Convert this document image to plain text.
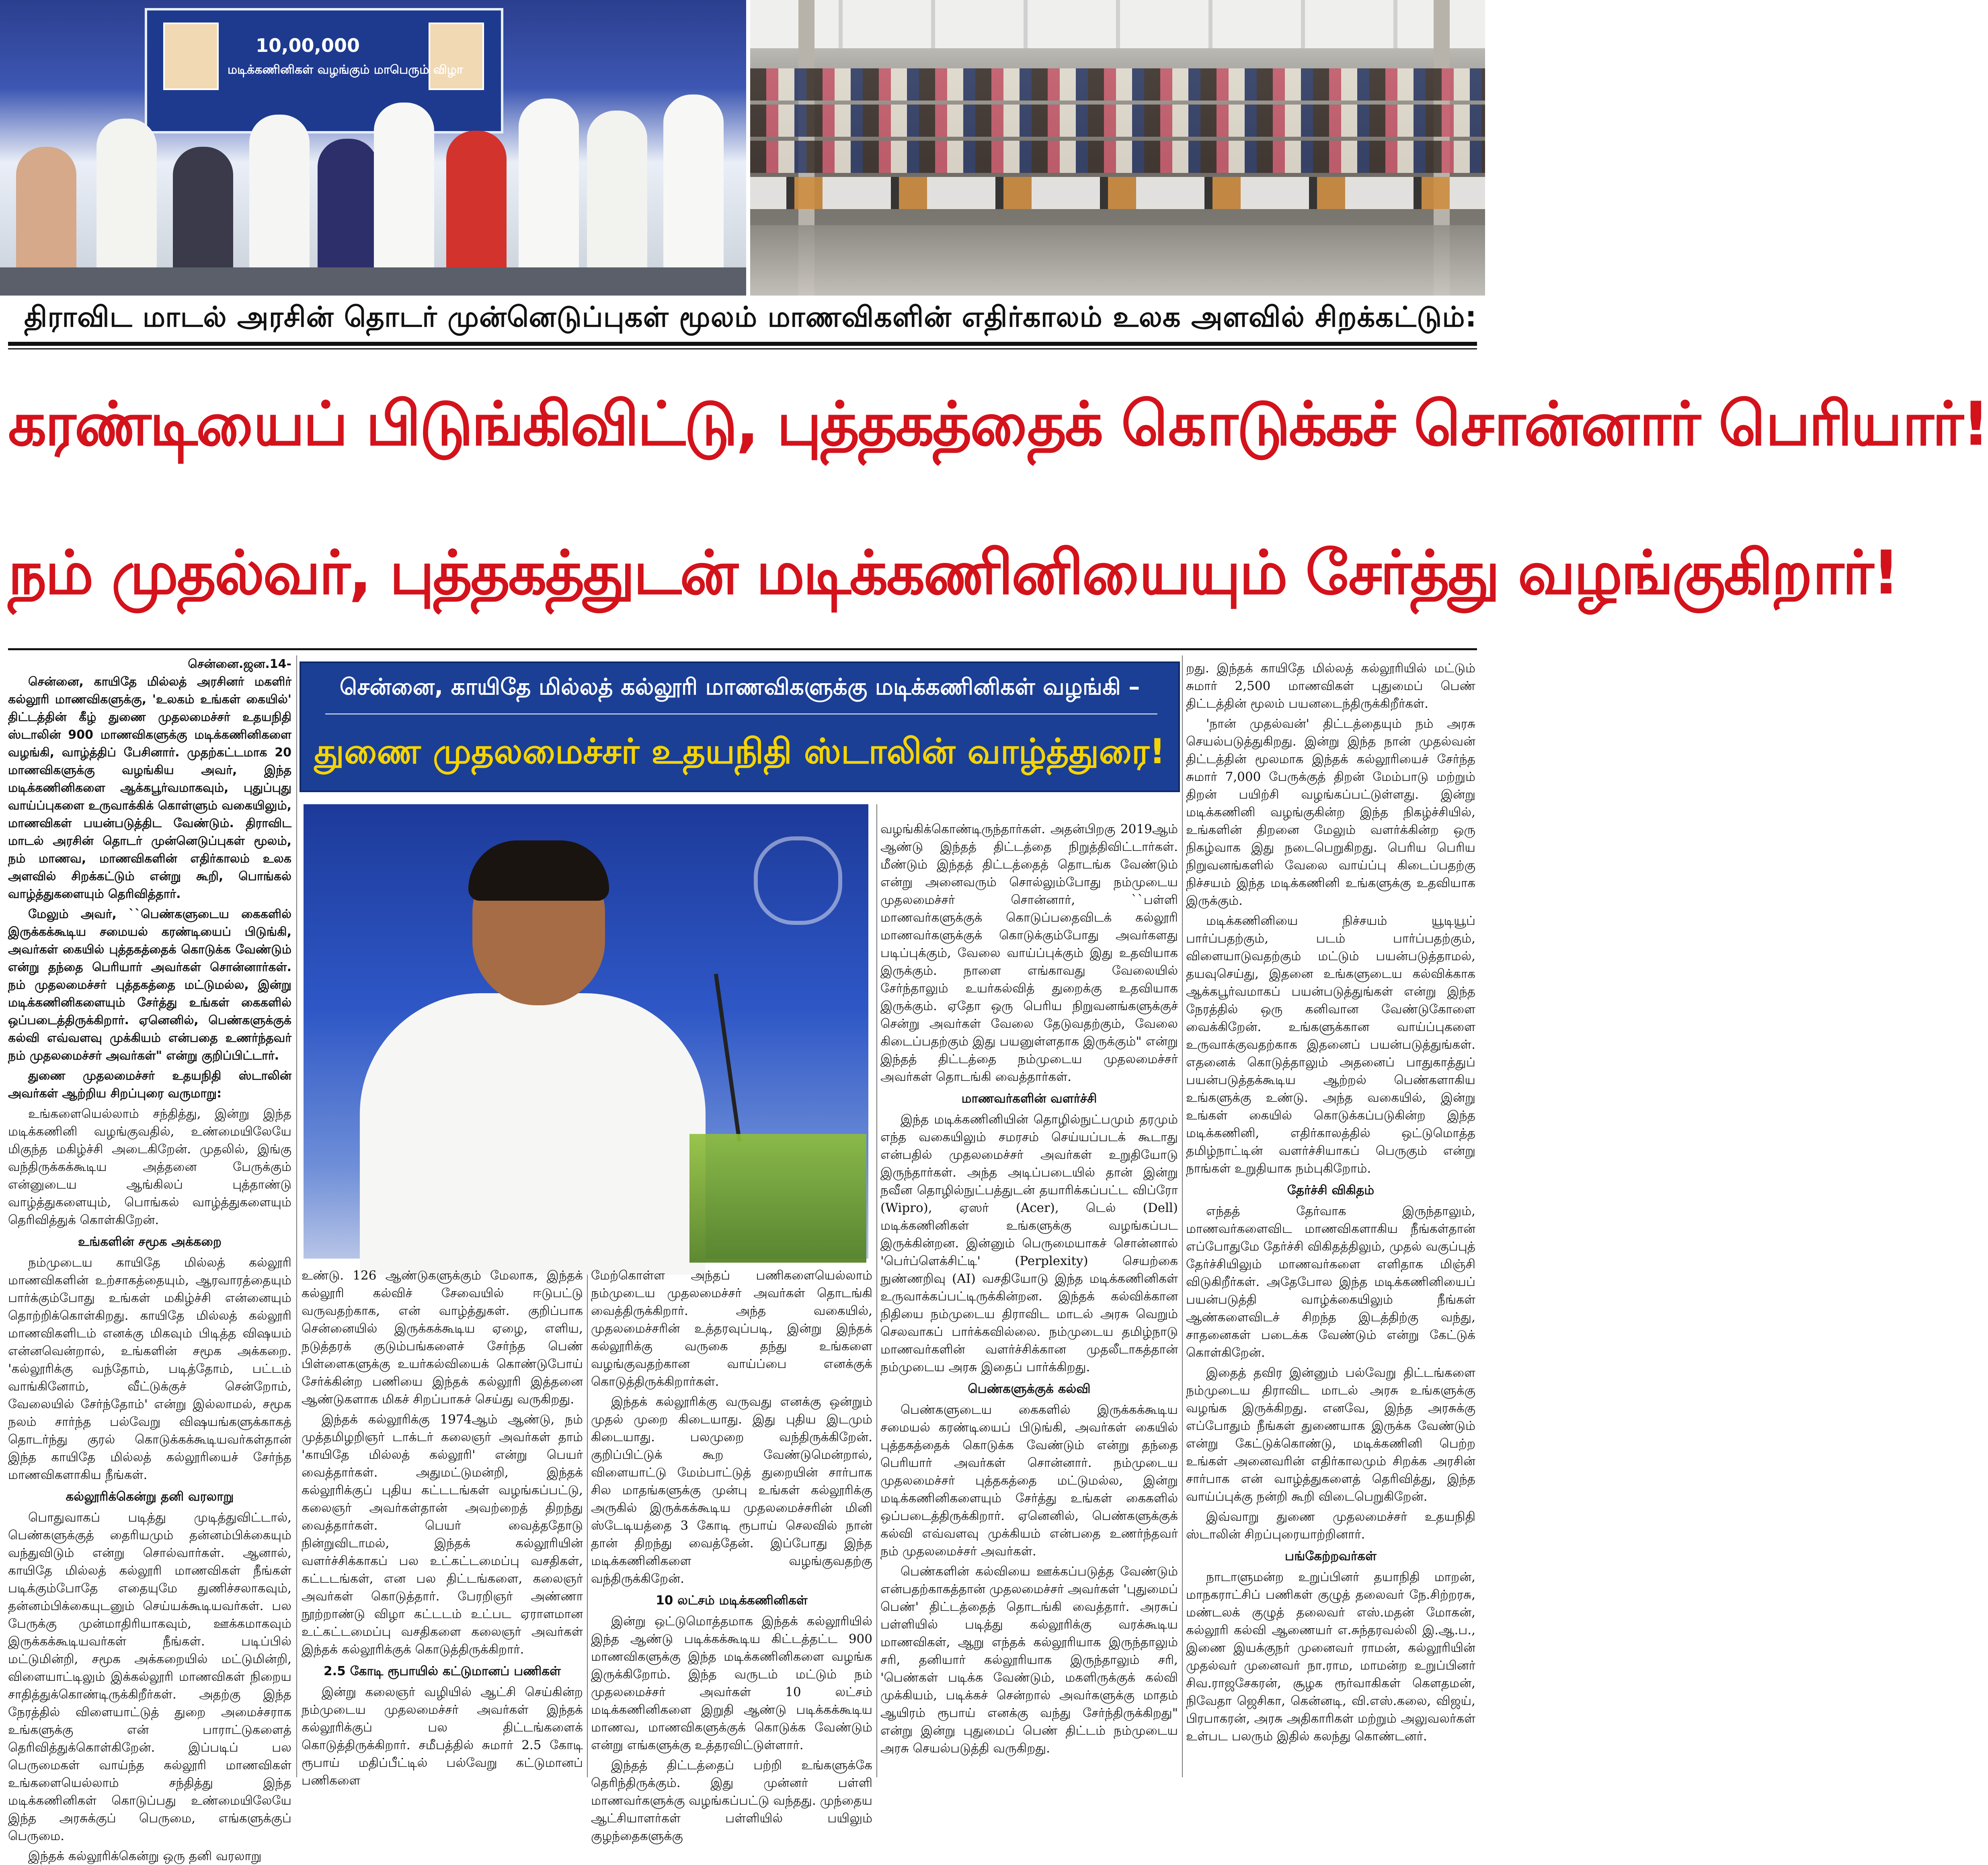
10,00,000
மடிக்கணினிகள் வழங்கும் மாபெரும் விழா
திராவிட மாடல் அரசின் தொடர் முன்னெடுப்புகள் மூலம் மாணவிகளின் எதிர்காலம் உலக அளவில் சிறக்கட்டும்:
கரண்டியைப் பிடுங்கிவிட்டு, புத்தகத்தைக் கொடுக்கச் சொன்னார் பெரியார்!
நம் முதல்வர், புத்தகத்துடன் மடிக்கணினியையும் சேர்த்து வழங்குகிறார்!
சென்னை, காயிதே மில்லத் கல்லூரி மாணவிகளுக்கு மடிக்கணினிகள் வழங்கி –
துணை முதலமைச்சர் உதயநிதி ஸ்டாலின் வாழ்த்துரை!
சென்னை.ஜன.14-

சென்னை, காயிதே மில்லத் அரசினர் மகளிர் கல்லூரி மாணவிகளுக்கு, 'உலகம் உங்கள் கையில்' திட்டத்தின் கீழ் துணை முதலமைச்சர் உதயநிதி ஸ்டாலின் 900 மாணவிகளுக்கு மடிக்கணினிகளை வழங்கி, வாழ்த்திப் பேசினார். முதற்கட்டமாக 20 மாணவிகளுக்கு வழங்கிய அவர், இந்த மடிக்கணினிகளை ஆக்கபூர்வமாகவும், புதுப்புது வாய்ப்புகளை உருவாக்கிக் கொள்ளும் வகையிலும், மாணவிகள் பயன்படுத்திட வேண்டும். திராவிட மாடல் அரசின் தொடர் முன்னெடுப்புகள் மூலம், நம் மாணவ, மாணவிகளின் எதிர்காலம் உலக அளவில் சிறக்கட்டும் என்று கூறி, பொங்கல் வாழ்த்துகளையும் தெரிவித்தார்.

மேலும் அவர், ``பெண்களுடைய கைகளில் இருக்கக்கூடிய சமையல் கரண்டியைப் பிடுங்கி, அவர்கள் கையில் புத்தகத்தைக் கொடுக்க வேண்டும் என்று தந்தை பெரியார் அவர்கள் சொன்னார்கள். நம் முதலமைச்சர் புத்தகத்தை மட்டுமல்ல, இன்று மடிக்கணினிகளையும் சேர்த்து உங்கள் கைகளில் ஒப்படைத்திருக்கிறார். ஏனெனில், பெண்களுக்குக் கல்வி எவ்வளவு முக்கியம் என்பதை உணர்ந்தவர் நம் முதலமைச்சர் அவர்கள்" என்று குறிப்பிட்டார்.

துணை முதலமைச்சர் உதயநிதி ஸ்டாலின் அவர்கள் ஆற்றிய சிறப்புரை வருமாறு:

உங்களையெல்லாம் சந்தித்து, இன்று இந்த மடிக்கணினி வழங்குவதில், உண்மையிலேயே மிகுந்த மகிழ்ச்சி அடைகிறேன். முதலில், இங்கு வந்திருக்கக்கூடிய அத்தனை பேருக்கும் என்னுடைய ஆங்கிலப் புத்தாண்டு வாழ்த்துகளையும், பொங்கல் வாழ்த்துகளையும் தெரிவித்துக் கொள்கிறேன்.

உங்களின் சமூக அக்கறை

நம்முடைய காயிதே மில்லத் கல்லூரி மாணவிகளின் உற்சாகத்தையும், ஆரவாரத்தையும் பார்க்கும்போது உங்கள் மகிழ்ச்சி என்னையும் தொற்றிக்கொள்கிறது. காயிதே மில்லத் கல்லூரி மாணவிகளிடம் எனக்கு மிகவும் பிடித்த விஷயம் என்னவென்றால், உங்களின் சமூக அக்கறை. 'கல்லூரிக்கு வந்தோம், படித்தோம், பட்டம் வாங்கினோம், வீட்டுக்குச் சென்றோம், வேலையில் சேர்ந்தோம்' என்று இல்லாமல், சமூக நலம் சார்ந்த பல்வேறு விஷயங்களுக்காகத் தொடர்ந்து குரல் கொடுக்கக்கூடியவர்கள்தான் இந்த காயிதே மில்லத் கல்லூரியைச் சேர்ந்த மாணவிகளாகிய நீங்கள்.

கல்லூரிக்கென்று தனி வரலாறு

பொதுவாகப் படித்து முடித்துவிட்டால், பெண்களுக்குத் தைரியமும் தன்னம்பிக்கையும் வந்துவிடும் என்று சொல்வார்கள். ஆனால், காயிதே மில்லத் கல்லூரி மாணவிகள் நீங்கள் படிக்கும்போதே எதையுமே துணிச்சலாகவும், தன்னம்பிக்கையுடனும் செய்யக்கூடியவர்கள். பல பேருக்கு முன்மாதிரியாகவும், ஊக்கமாகவும் இருக்கக்கூடியவர்கள் நீங்கள். படிப்பில் மட்டுமின்றி, சமூக அக்கறையில் மட்டுமின்றி, விளையாட்டிலும் இக்கல்லூரி மாணவிகள் நிறைய சாதித்துக்கொண்டிருக்கிறீர்கள். அதற்கு இந்த நேரத்தில் விளையாட்டுத் துறை அமைச்சராக உங்களுக்கு என் பாராட்டுகளைத் தெரிவித்துக்கொள்கிறேன். இப்படிப் பல பெருமைகள் வாய்ந்த கல்லூரி மாணவிகள் உங்களையெல்லாம் சந்தித்து இந்த மடிக்கணினிகள் கொடுப்பது உண்மையிலேயே இந்த அரசுக்குப் பெருமை, எங்களுக்குப் பெருமை.

இந்தக் கல்லூரிக்கென்று ஒரு தனி வரலாறு

உண்டு. 126 ஆண்டுகளுக்கும் மேலாக, இந்தக் கல்லூரி கல்விச் சேவையில் ஈடுபட்டு வருவதற்காக, என் வாழ்த்துகள். குறிப்பாக சென்னையில் இருக்கக்கூடிய ஏழை, எளிய, நடுத்தரக் குடும்பங்களைச் சேர்ந்த பெண் பிள்ளைகளுக்கு உயர்கல்வியைக் கொண்டுபோய் சேர்க்கின்ற பணியை இந்தக் கல்லூரி இத்தனை ஆண்டுகளாக மிகச் சிறப்பாகச் செய்து வருகிறது.

இந்தக் கல்லூரிக்கு 1974ஆம் ஆண்டு, நம் முத்தமிழறிஞர் டாக்டர் கலைஞர் அவர்கள் தாம் 'காயிதே மில்லத் கல்லூரி' என்று பெயர் வைத்தார்கள். அதுமட்டுமன்றி, இந்தக் கல்லூரிக்குப் புதிய கட்டடங்கள் வழங்கப்பட்டு, கலைஞர் அவர்கள்தான் அவற்றைத் திறந்து வைத்தார்கள். பெயர் வைத்ததோடு நின்றுவிடாமல், இந்தக் கல்லூரியின் வளர்ச்சிக்காகப் பல உட்கட்டமைப்பு வசதிகள், கட்டடங்கள், என பல திட்டங்களை, கலைஞர் அவர்கள் கொடுத்தார். பேரறிஞர் அண்ணா நூற்றாண்டு விழா கட்டடம் உட்பட ஏராளமான உட்கட்டமைப்பு வசதிகளை கலைஞர் அவர்கள் இந்தக் கல்லூரிக்குக் கொடுத்திருக்கிறார்.

2.5 கோடி ரூபாயில் கட்டுமானப் பணிகள்

இன்று கலைஞர் வழியில் ஆட்சி செய்கின்ற நம்முடைய முதலமைச்சர் அவர்கள் இந்தக் கல்லூரிக்குப் பல திட்டங்களைக் கொடுத்திருக்கிறார். சமீபத்தில் சுமார் 2.5 கோடி ரூபாய் மதிப்பீட்டில் பல்வேறு கட்டுமானப் பணிகளை

மேற்கொள்ள அந்தப் பணிகளையெல்லாம் நம்முடைய முதலமைச்சர் அவர்கள் தொடங்கி வைத்திருக்கிறார். அந்த வகையில், முதலமைச்சரின் உத்தரவுப்படி, இன்று இந்தக் கல்லூரிக்கு வருகை தந்து உங்களை வழங்குவதற்கான வாய்ப்பை எனக்குக் கொடுத்திருக்கிறார்கள்.

இந்தக் கல்லூரிக்கு வருவது எனக்கு ஒன்றும் முதல் முறை கிடையாது. இது புதிய இடமும் கிடையாது. பலமுறை வந்திருக்கிறேன். குறிப்பிட்டுக் கூற வேண்டுமென்றால், விளையாட்டு மேம்பாட்டுத் துறையின் சார்பாக சில மாதங்களுக்கு முன்பு உங்கள் கல்லூரிக்கு அருகில் இருக்கக்கூடிய முதலமைச்சரின் மினி ஸ்டேடியத்தை 3 கோடி ரூபாய் செலவில் நான் தான் திறந்து வைத்தேன். இப்போது இந்த மடிக்கணினிகளை வழங்குவதற்கு வந்திருக்கிறேன்.

10 லட்சம் மடிக்கணினிகள்

இன்று ஒட்டுமொத்தமாக இந்தக் கல்லூரியில் இந்த ஆண்டு படிக்கக்கூடிய கிட்டத்தட்ட 900 மாணவிகளுக்கு இந்த மடிக்கணினிகளை வழங்க இருக்கிறோம். இந்த வருடம் மட்டும் நம் முதலமைச்சர் அவர்கள் 10 லட்சம் மடிக்கணினிகளை இறுதி ஆண்டு படிக்கக்கூடிய மாணவ, மாணவிகளுக்குக் கொடுக்க வேண்டும் என்று எங்களுக்கு உத்தரவிட்டுள்ளார்.

இந்தத் திட்டத்தைப் பற்றி உங்களுக்கே தெரிந்திருக்கும். இது முன்னர் பள்ளி மாணவர்களுக்கு வழங்கப்பட்டு வந்தது. முந்தைய ஆட்சியாளர்கள் பள்ளியில் பயிலும் குழந்தைகளுக்கு

வழங்கிக்கொண்டிருந்தார்கள். அதன்பிறகு 2019ஆம் ஆண்டு இந்தத் திட்டத்தை நிறுத்திவிட்டார்கள். மீண்டும் இந்தத் திட்டத்தைத் தொடங்க வேண்டும் என்று அனைவரும் சொல்லும்போது நம்முடைய முதலமைச்சர் சொன்னார், ``பள்ளி மாணவர்களுக்குக் கொடுப்பதைவிடக் கல்லூரி மாணவர்களுக்குக் கொடுக்கும்போது அவர்களது படிப்புக்கும், வேலை வாய்ப்புக்கும் இது உதவியாக இருக்கும். நாளை எங்காவது வேலையில் சேர்ந்தாலும் உயர்கல்வித் துறைக்கு உதவியாக இருக்கும். ஏதோ ஒரு பெரிய நிறுவனங்களுக்குச் சென்று அவர்கள் வேலை தேடுவதற்கும், வேலை கிடைப்பதற்கும் இது பயனுள்ளதாக இருக்கும்" என்று இந்தத் திட்டத்தை நம்முடைய முதலமைச்சர் அவர்கள் தொடங்கி வைத்தார்கள்.

மாணவர்களின் வளர்ச்சி

இந்த மடிக்கணினியின் தொழில்நுட்பமும் தரமும் எந்த வகையிலும் சமரசம் செய்யப்படக் கூடாது என்பதில் முதலமைச்சர் அவர்கள் உறுதியோடு இருந்தார்கள். அந்த அடிப்படையில் தான் இன்று நவீன தொழில்நுட்பத்துடன் தயாரிக்கப்பட்ட விப்ரோ (Wipro), ஏஸர் (Acer), டெல் (Dell) மடிக்கணினிகள் உங்களுக்கு வழங்கப்பட இருக்கின்றன. இன்னும் பெருமையாகச் சொன்னால் 'பெர்ப்ளெக்சிட்டி' (Perplexity) செயற்கை நுண்ணறிவு (AI) வசதியோடு இந்த மடிக்கணினிகள் உருவாக்கப்பட்டிருக்கின்றன. இந்தக் கல்விக்கான நிதியை நம்முடைய திராவிட மாடல் அரசு வெறும் செலவாகப் பார்க்கவில்லை. நம்முடைய தமிழ்நாடு மாணவர்களின் வளர்ச்சிக்கான முதலீடாகத்தான் நம்முடைய அரசு இதைப் பார்க்கிறது.

பெண்களுக்குக் கல்வி

பெண்களுடைய கைகளில் இருக்கக்கூடிய சமையல் கரண்டியைப் பிடுங்கி, அவர்கள் கையில் புத்தகத்தைக் கொடுக்க வேண்டும் என்று தந்தை பெரியார் அவர்கள் சொன்னார். நம்முடைய முதலமைச்சர் புத்தகத்தை மட்டுமல்ல, இன்று மடிக்கணினிகளையும் சேர்த்து உங்கள் கைகளில் ஒப்படைத்திருக்கிறார். ஏனெனில், பெண்களுக்குக் கல்வி எவ்வளவு முக்கியம் என்பதை உணர்ந்தவர் நம் முதலமைச்சர் அவர்கள்.

பெண்களின் கல்வியை ஊக்கப்படுத்த வேண்டும் என்பதற்காகத்தான் முதலமைச்சர் அவர்கள் 'புதுமைப் பெண்' திட்டத்தைத் தொடங்கி வைத்தார். அரசுப் பள்ளியில் படித்து கல்லூரிக்கு வரக்கூடிய மாணவிகள், ஆறு எந்தக் கல்லூரியாக இருந்தாலும் சரி, தனியார் கல்லூரியாக இருந்தாலும் சரி, 'பெண்கள் படிக்க வேண்டும், மகளிருக்குக் கல்வி முக்கியம், படிக்கச் சென்றால் அவர்களுக்கு மாதம் ஆயிரம் ரூபாய் எனக்கு வந்து சேர்ந்திருக்கிறது" என்று இன்று புதுமைப் பெண் திட்டம் நம்முடைய அரசு செயல்படுத்தி வருகிறது.

றது. இந்தக் காயிதே மில்லத் கல்லூரியில் மட்டும் சுமார் 2,500 மாணவிகள் புதுமைப் பெண் திட்டத்தின் மூலம் பயனடைந்திருக்கிறீர்கள்.

'நான் முதல்வன்' திட்டத்தையும் நம் அரசு செயல்படுத்துகிறது. இன்று இந்த நான் முதல்வன் திட்டத்தின் மூலமாக இந்தக் கல்லூரியைச் சேர்ந்த சுமார் 7,000 பேருக்குத் திறன் மேம்பாடு மற்றும் திறன் பயிற்சி வழங்கப்பட்டுள்ளது. இன்று மடிக்கணினி வழங்குகின்ற இந்த நிகழ்ச்சியில், உங்களின் திறனை மேலும் வளர்க்கின்ற ஒரு நிகழ்வாக இது நடைபெறுகிறது. பெரிய பெரிய நிறுவனங்களில் வேலை வாய்ப்பு கிடைப்பதற்கு நிச்சயம் இந்த மடிக்கணினி உங்களுக்கு உதவியாக இருக்கும்.

மடிக்கணினியை நிச்சயம் யூடியூப் பார்ப்பதற்கும், படம் பார்ப்பதற்கும், விளையாடுவதற்கும் மட்டும் பயன்படுத்தாமல், தயவுசெய்து, இதனை உங்களுடைய கல்விக்காக ஆக்கபூர்வமாகப் பயன்படுத்துங்கள் என்று இந்த நேரத்தில் ஒரு கனிவான வேண்டுகோளை வைக்கிறேன். உங்களுக்கான வாய்ப்புகளை உருவாக்குவதற்காக இதனைப் பயன்படுத்துங்கள். எதனைக் கொடுத்தாலும் அதனைப் பாதுகாத்துப் பயன்படுத்தக்கூடிய ஆற்றல் பெண்களாகிய உங்களுக்கு உண்டு. அந்த வகையில், இன்று உங்கள் கையில் கொடுக்கப்படுகின்ற இந்த மடிக்கணினி, எதிர்காலத்தில் ஒட்டுமொத்த தமிழ்நாட்டின் வளர்ச்சியாகப் பெருகும் என்று நாங்கள் உறுதியாக நம்புகிறோம்.

தேர்ச்சி விகிதம்

எந்தத் தேர்வாக இருந்தாலும், மாணவர்களைவிட மாணவிகளாகிய நீங்கள்தான் எப்போதுமே தேர்ச்சி விகிதத்திலும், முதல் வகுப்புத் தேர்ச்சியிலும் மாணவர்களை எளிதாக மிஞ்சி விடுகிறீர்கள். அதேபோல இந்த மடிக்கணினியைப் பயன்படுத்தி வாழ்க்கையிலும் நீங்கள் ஆண்களைவிடச் சிறந்த இடத்திற்கு வந்து, சாதனைகள் படைக்க வேண்டும் என்று கேட்டுக் கொள்கிறேன்.

இதைத் தவிர இன்னும் பல்வேறு திட்டங்களை நம்முடைய திராவிட மாடல் அரசு உங்களுக்கு வழங்க இருக்கிறது. எனவே, இந்த அரசுக்கு எப்போதும் நீங்கள் துணையாக இருக்க வேண்டும் என்று கேட்டுக்கொண்டு, மடிக்கணினி பெற்ற உங்கள் அனைவரின் எதிர்காலமும் சிறக்க அரசின் சார்பாக என் வாழ்த்துகளைத் தெரிவித்து, இந்த வாய்ப்புக்கு நன்றி கூறி விடைபெறுகிறேன்.

இவ்வாறு துணை முதலமைச்சர் உதயநிதி ஸ்டாலின் சிறப்புரையாற்றினார்.

பங்கேற்றவர்கள்

நாடாளுமன்ற உறுப்பினர் தயாநிதி மாறன், மாநகராட்சிப் பணிகள் குழுத் தலைவர் நே.சிற்றரசு, மண்டலக் குழுத் தலைவர் எஸ்.மதன் மோகன், கல்லூரி கல்வி ஆணையர் எ.சுந்தரவல்லி இ.ஆ.ப., இணை இயக்குநர் முனைவர் ராமன், கல்லூரியின் முதல்வர் முனைவர் நா.ராம, மாமன்ற உறுப்பினர் சிவ.ராஜசேகரன், சூழக ரூர்வாகிகள் கௌதமன், நிவேதா ஜெசிகா, கென்னடி, வி.எஸ்.கலை, விஜய், பிரபாகரன், அரசு அதிகாரிகள் மற்றும் அலுவலர்கள் உள்பட பலரும் இதில் கலந்து கொண்டனர்.
